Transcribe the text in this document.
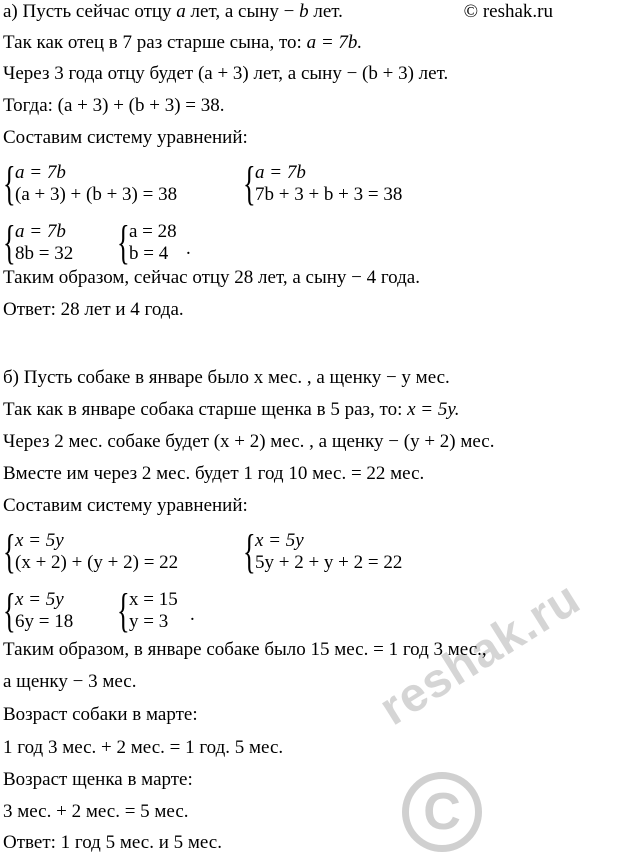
reshak.ru
C
а) Пусть сейчас отцу a лет, а сыну − b лет.	© reshak.ru
Так как отец в 7 раз старше сына, то: a = 7b.
Через 3 года отцу будет (a + 3) лет, а сыну − (b + 3) лет.
Тогда: (a + 3) + (b + 3) = 38.
Составим систему уравнений:
{ a = 7b
(a + 3) + (b + 3) = 38 { a = 7b
7b + 3 + b + 3 = 38
{ a = 7b
8b = 32 { a = 28
b = 4 .
Таким образом, сейчас отцу 28 лет, а сыну − 4 года.
Ответ: 28 лет и 4 года.
б) Пусть собаке в январе было x мес. , а щенку − y мес.
Так как в январе собака старше щенка в 5 раз, то: x = 5y.
Через 2 мес. собаке будет (x + 2) мес. , а щенку − (y + 2) мес.
Вместе им через 2 мес. будет 1 год 10 мес. = 22 мес.
Составим систему уравнений:
{ x = 5y
(x + 2) + (y + 2) = 22 { x = 5y
5y + 2 + y + 2 = 22
{ x = 5y
6y = 18 { x = 15
y = 3 .
Таким образом, в январе собаке было 15 мес. = 1 год 3 мес.,
а щенку − 3 мес.
Возраст собаки в марте:
1 год 3 мес. + 2 мес. = 1 год. 5 мес.
Возраст щенка в марте:
3 мес. + 2 мес. = 5 мес.
Ответ: 1 год 5 мес. и 5 мес.
